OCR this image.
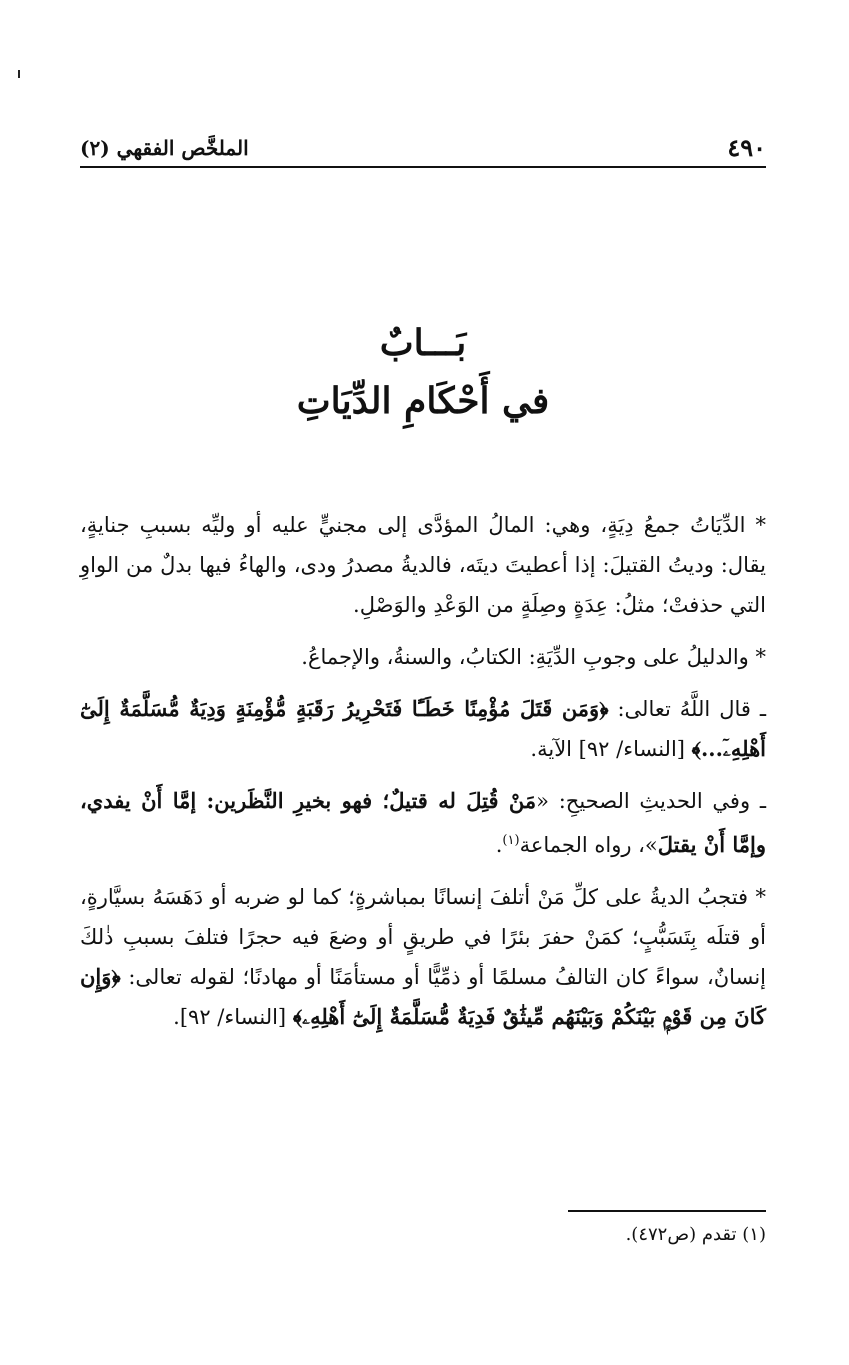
الملخَّص الفقهي (٢)	٤٩٠
بَـــابٌ
في أَحْكَامِ الدِّيَاتِ

* الدِّيَاتُ جمعُ دِيَةٍ، وهي: المالُ المؤدَّى إلى مجنيٍّ عليه أو وليِّه بسببِ جنايةٍ، يقال: وديتُ القتيلَ: إذا أعطيتَ ديتَه، فالديةُ مصدرُ ودى، والهاءُ فيها بدلٌ من الواوِ التي حذفتْ؛ مثلُ: عِدَةٍ وصِلَةٍ من الوَعْدِ والوَصْلِ.

* والدليلُ على وجوبِ الدِّيَةِ: الكتابُ، والسنةُ، والإجماعُ.

ـ قال اللَّهُ تعالى: ﴿وَمَن قَتَلَ مُؤْمِنًا خَطَـًٔا فَتَحْرِيرُ رَقَبَةٍ مُّؤْمِنَةٍ وَدِيَةٌ مُّسَلَّمَةٌ إِلَىٰٓ أَهْلِهِۦٓ...﴾ [النساء/ ٩٢] الآية.

ـ وفي الحديثِ الصحيحِ: «مَنْ قُتِلَ له قتيلٌ؛ فهو بخيرِ النَّظَرين: إمَّا أَنْ يفدي، وإمَّا أَنْ يقتلَ»، رواه الجماعة$^{(١)}$.

* فتجبُ الديةُ على كلِّ مَنْ أتلفَ إنسانًا بمباشرةٍ؛ كما لو ضربه أو دَهَسَهُ بسيَّارةٍ، أو قتلَه بِتَسَبُّبٍ؛ كمَنْ حفرَ بئرًا في طريقٍ أو وضعَ فيه حجرًا فتلفَ بسببِ ذٰلكَ إنسانٌ، سواءً كان التالفُ مسلمًا أو ذمِّيًّا أو مستأمَنًا أو مهادنًا؛ لقوله تعالى: ﴿وَإِن كَانَ مِن قَوْمٍۭ بَيْنَكُمْ وَبَيْنَهُم مِّيثَٰقٌ فَدِيَةٌ مُّسَلَّمَةٌ إِلَىٰٓ أَهْلِهِۦ﴾ [النساء/ ٩٢].

(١) تقدم (ص٤٧٢).
